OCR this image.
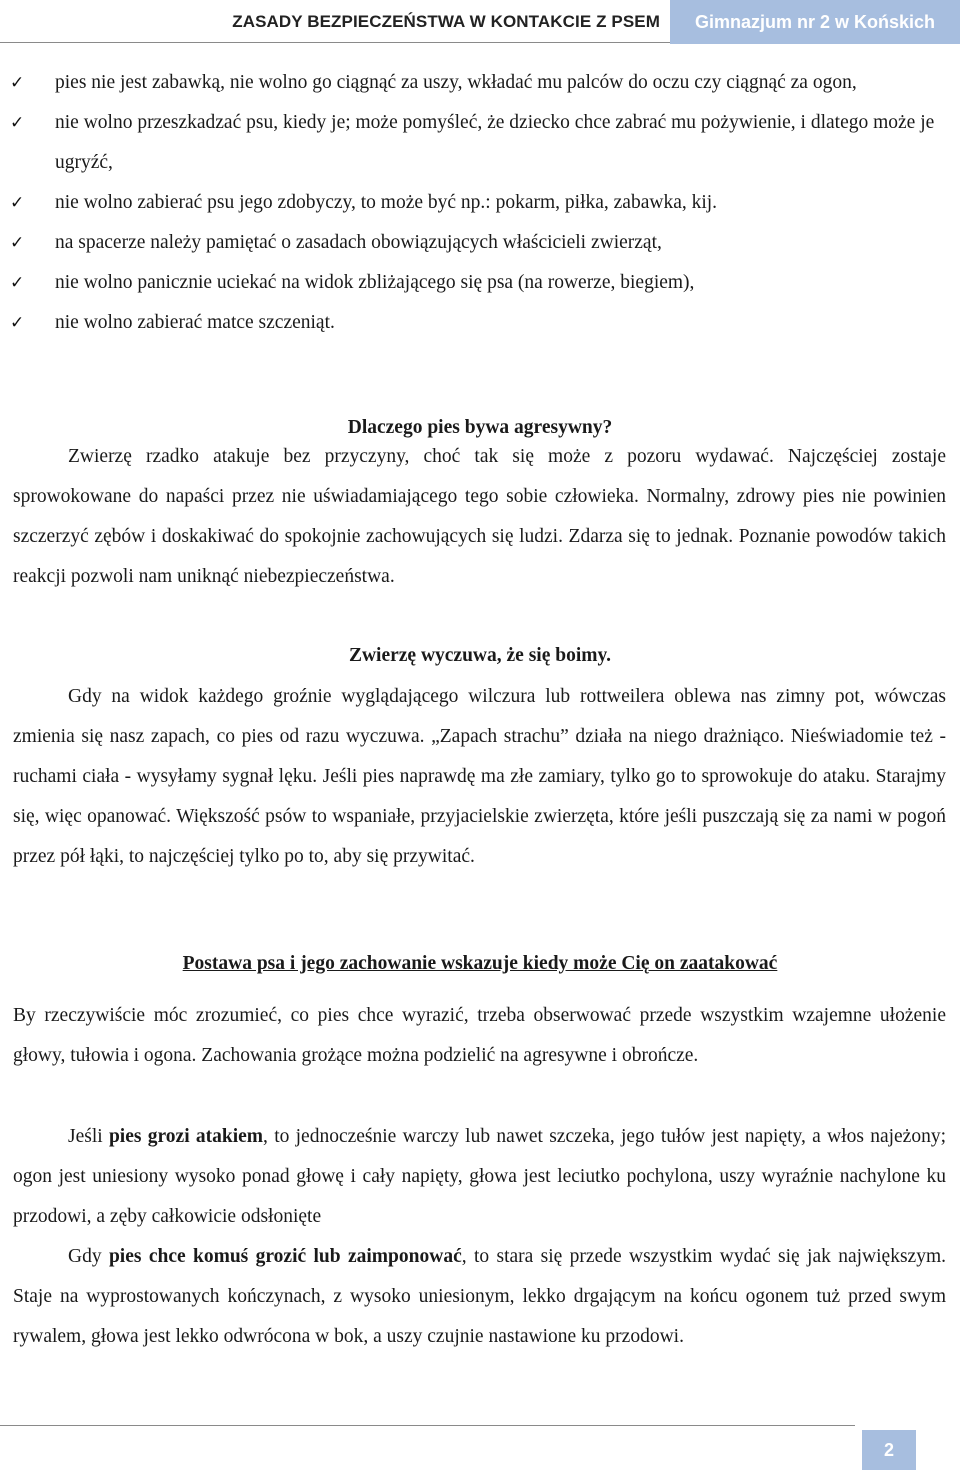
ZASADY BEZPIECZEŃSTWA W KONTAKCIE Z PSEM	Gimnazjum nr 2 w Końskich
✓ pies nie jest zabawką, nie wolno go ciągnąć za uszy, wkładać mu palców do oczu czy ciągnąć za ogon,
✓ nie wolno przeszkadzać psu, kiedy je; może pomyśleć, że dziecko chce zabrać mu pożywienie, i dlatego może je ugryźć,
✓ nie wolno zabierać psu jego zdobyczy, to może być np.: pokarm, piłka, zabawka, kij.
✓ na spacerze należy pamiętać o zasadach obowiązujących właścicieli zwierząt,
✓ nie wolno panicznie uciekać na widok zbliżającego się psa (na rowerze, biegiem),
✓ nie wolno zabierać matce szczeniąt.
Dlaczego pies bywa agresywny?
Zwierzę rzadko atakuje bez przyczyny, choć tak się może z pozoru wydawać. Najczęściej zostaje sprowokowane do napaści przez nie uświadamiającego tego sobie człowieka. Normalny, zdrowy pies nie powinien szczerzyć zębów i doskakiwać do spokojnie zachowujących się ludzi. Zdarza się to jednak. Poznanie powodów takich reakcji pozwoli nam uniknąć niebezpieczeństwa.
Zwierzę wyczuwa, że się boimy.
Gdy na widok każdego groźnie wyglądającego wilczura lub rottweilera oblewa nas zimny pot, wówczas zmienia się nasz zapach, co pies od razu wyczuwa. „Zapach strachu” działa na niego drażniąco. Nieświadomie też - ruchami ciała - wysyłamy sygnał lęku. Jeśli pies naprawdę ma złe zamiary, tylko go to sprowokuje do ataku. Starajmy się, więc opanować. Większość psów to wspaniałe, przyjacielskie zwierzęta, które jeśli puszczają się za nami w pogoń przez pół łąki, to najczęściej tylko po to, aby się przywitać.
Postawa psa i jego zachowanie wskazuje kiedy może Cię on zaatakować
By rzeczywiście móc zrozumieć, co pies chce wyrazić, trzeba obserwować przede wszystkim wzajemne ułożenie głowy, tułowia i ogona. Zachowania grożące można podzielić na agresywne i obrończe.
Jeśli pies grozi atakiem, to jednocześnie warczy lub nawet szczeka, jego tułów jest napięty, a włos najeżony; ogon jest uniesiony wysoko ponad głowę i cały napięty, głowa jest leciutko pochylona, uszy wyraźnie nachylone ku przodowi, a zęby całkowicie odsłonięte
Gdy pies chce komuś grozić lub zaimponować, to stara się przede wszystkim wydać się jak największym. Staje na wyprostowanych kończynach, z wysoko uniesionym, lekko drgającym na końcu ogonem tuż przed swym rywalem, głowa jest lekko odwrócona w bok, a uszy czujnie nastawione ku przodowi.
2
